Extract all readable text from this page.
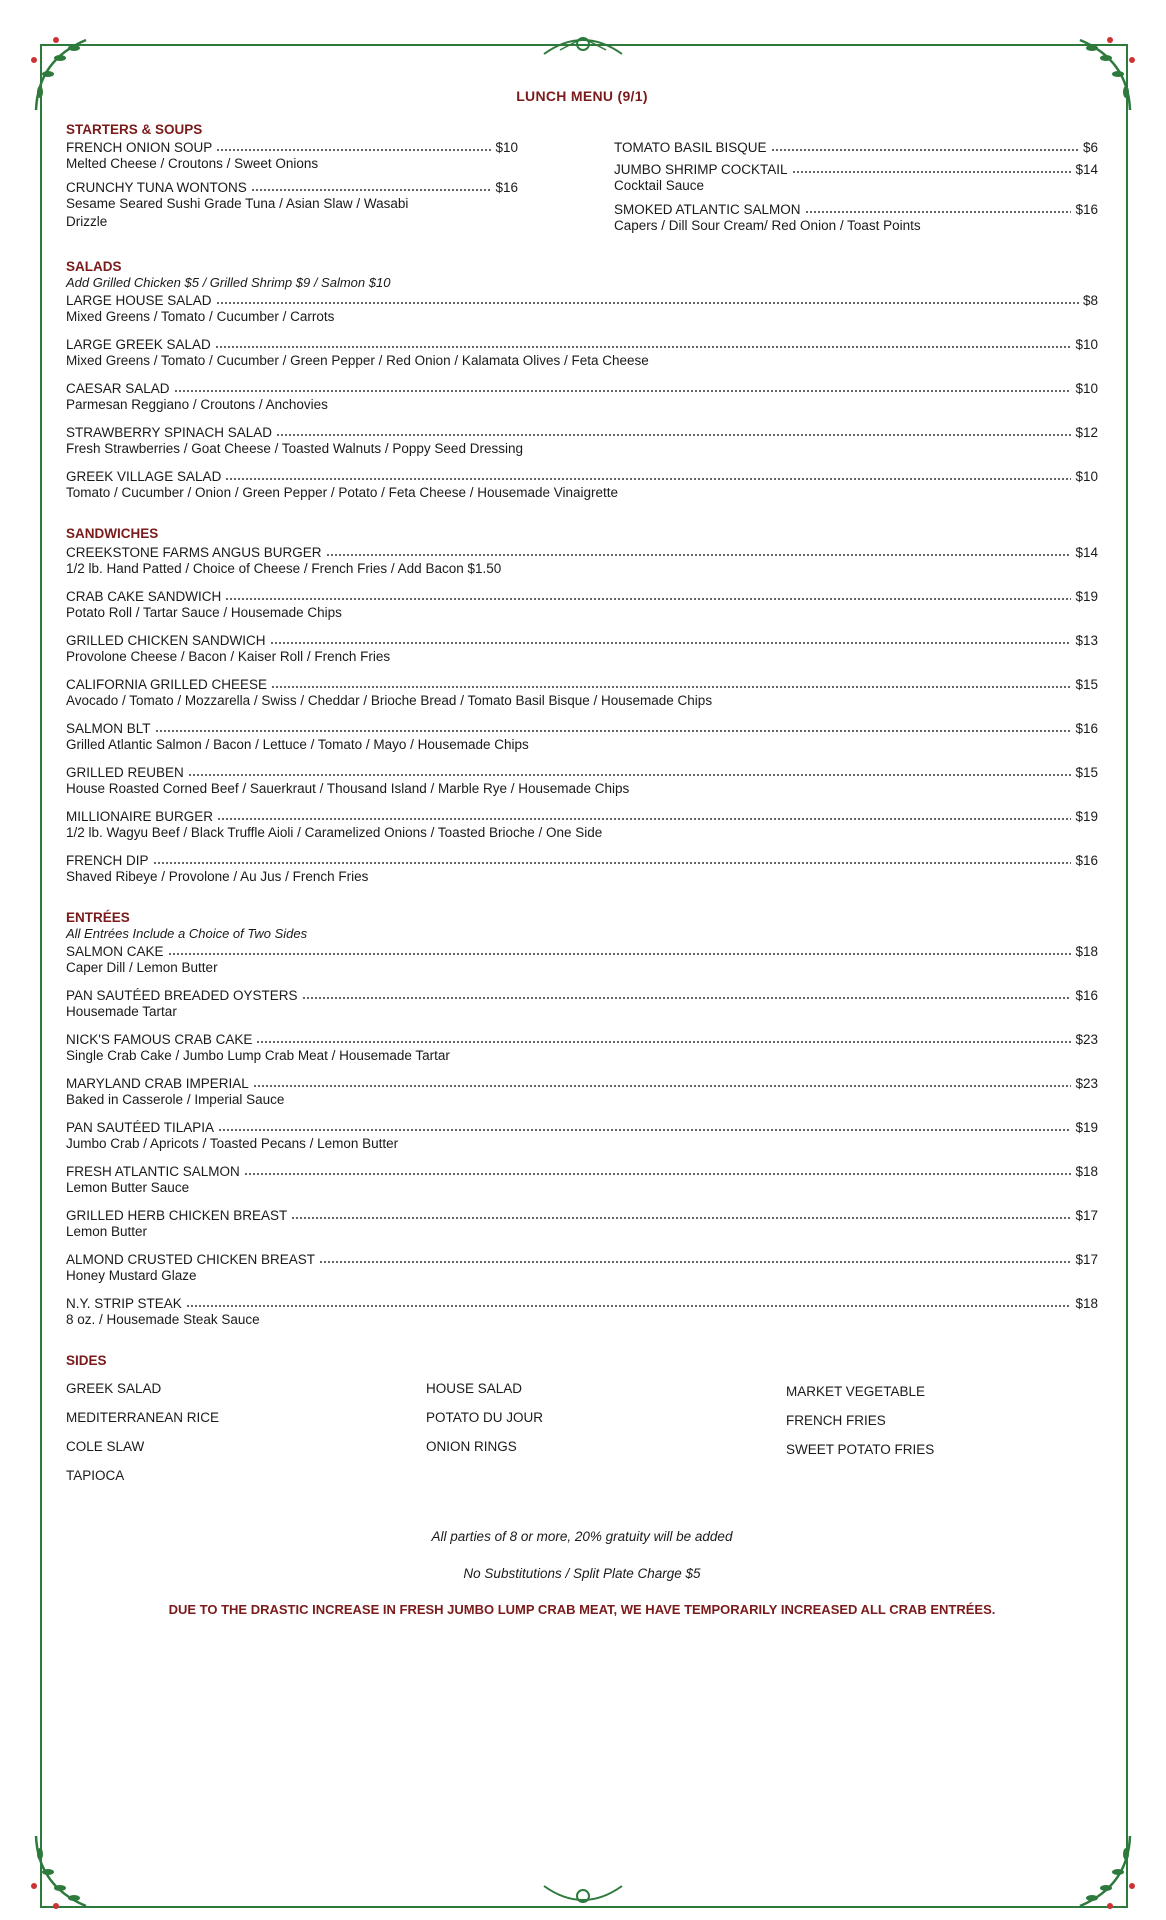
LUNCH MENU (9/1)
STARTERS & SOUPS
FRENCH ONION SOUP	$10
Melted Cheese / Croutons / Sweet Onions
CRUNCHY TUNA WONTONS	$16
Sesame Seared Sushi Grade Tuna / Asian Slaw / Wasabi Drizzle
TOMATO BASIL BISQUE	$6
JUMBO SHRIMP COCKTAIL	$14
Cocktail Sauce
SMOKED ATLANTIC SALMON	$16
Capers / Dill Sour Cream/ Red Onion / Toast Points
SALADS
Add Grilled Chicken $5 / Grilled Shrimp $9 / Salmon $10
LARGE HOUSE SALAD	$8
Mixed Greens / Tomato / Cucumber / Carrots
LARGE GREEK SALAD	$10
Mixed Greens / Tomato / Cucumber / Green Pepper / Red Onion / Kalamata Olives / Feta Cheese
CAESAR SALAD	$10
Parmesan Reggiano / Croutons / Anchovies
STRAWBERRY SPINACH SALAD	$12
Fresh Strawberries / Goat Cheese / Toasted Walnuts / Poppy Seed Dressing
GREEK VILLAGE SALAD	$10
Tomato / Cucumber / Onion / Green Pepper / Potato / Feta Cheese / Housemade Vinaigrette
SANDWICHES
CREEKSTONE FARMS ANGUS BURGER	$14
1/2 lb. Hand Patted / Choice of Cheese / French Fries / Add Bacon $1.50
CRAB CAKE SANDWICH	$19
Potato Roll / Tartar Sauce / Housemade Chips
GRILLED CHICKEN SANDWICH	$13
Provolone Cheese / Bacon / Kaiser Roll / French Fries
CALIFORNIA GRILLED CHEESE	$15
Avocado / Tomato / Mozzarella / Swiss / Cheddar / Brioche Bread / Tomato Basil Bisque / Housemade Chips
SALMON BLT	$16
Grilled Atlantic Salmon / Bacon / Lettuce / Tomato / Mayo / Housemade Chips
GRILLED REUBEN	$15
House Roasted Corned Beef / Sauerkraut / Thousand Island / Marble Rye / Housemade Chips
MILLIONAIRE BURGER	$19
1/2 lb. Wagyu Beef / Black Truffle Aioli / Caramelized Onions / Toasted Brioche / One Side
FRENCH DIP	$16
Shaved Ribeye / Provolone / Au Jus / French Fries
ENTRÉES
All Entrées Include a Choice of Two Sides
SALMON CAKE	$18
Caper Dill / Lemon Butter
PAN SAUTÉED BREADED OYSTERS	$16
Housemade Tartar
NICK'S FAMOUS CRAB CAKE	$23
Single Crab Cake / Jumbo Lump Crab Meat / Housemade Tartar
MARYLAND CRAB IMPERIAL	$23
Baked in Casserole / Imperial Sauce
PAN SAUTÉED TILAPIA	$19
Jumbo Crab / Apricots / Toasted Pecans / Lemon Butter
FRESH ATLANTIC SALMON	$18
Lemon Butter Sauce
GRILLED HERB CHICKEN BREAST	$17
Lemon Butter
ALMOND CRUSTED CHICKEN BREAST	$17
Honey Mustard Glaze
N.Y. STRIP STEAK	$18
8 oz. / Housemade Steak Sauce
SIDES
GREEK SALAD
MEDITERRANEAN RICE
COLE SLAW
TAPIOCA
HOUSE SALAD
POTATO DU JOUR
ONION RINGS
MARKET VEGETABLE
FRENCH FRIES
SWEET POTATO FRIES
All parties of 8 or more, 20% gratuity will be added
No Substitutions / Split Plate Charge $5
DUE TO THE DRASTIC INCREASE IN FRESH JUMBO LUMP CRAB MEAT, WE HAVE TEMPORARILY INCREASED ALL CRAB ENTRÉES.
